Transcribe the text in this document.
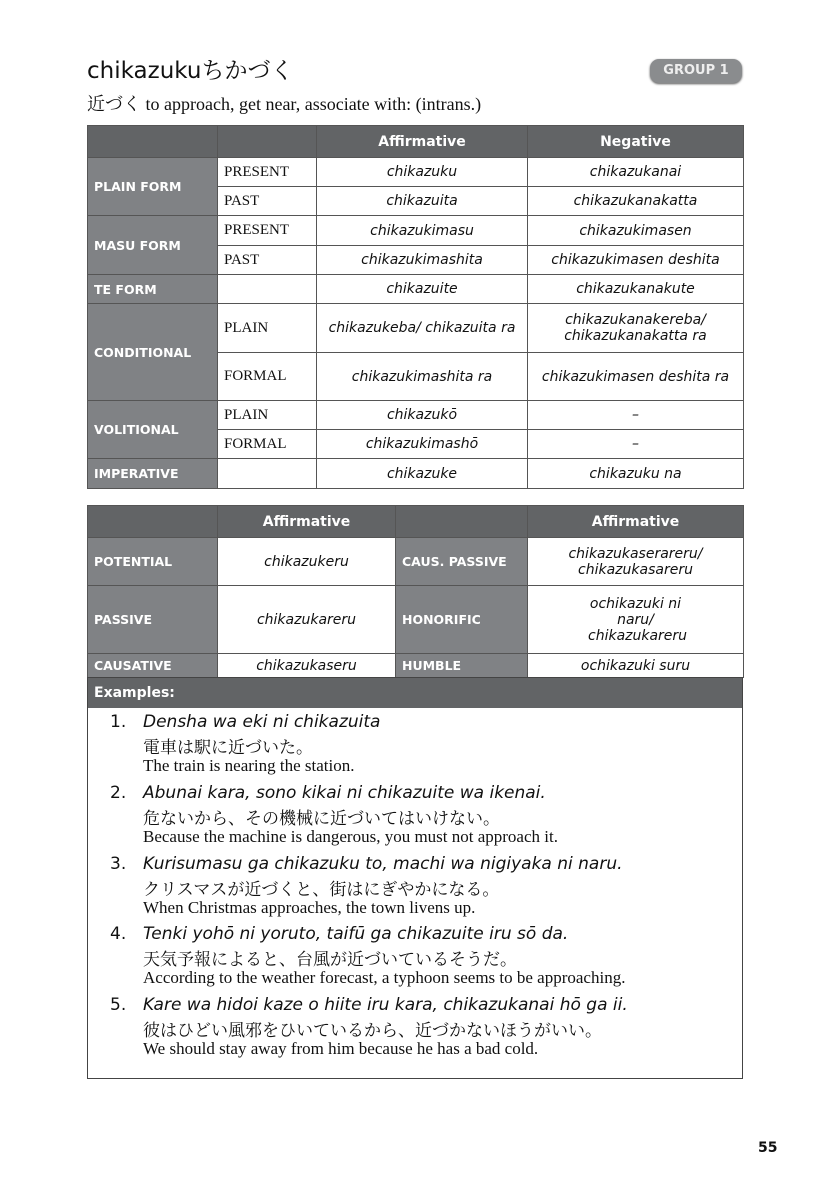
chikazukuちかづく	GROUP 1
近づく to approach, get near, associate with: (intrans.)
		Affirmative	Negative
PLAIN FORM	PRESENT	chikazuku	chikazukanai
	PAST	chikazuita	chikazukanakatta
MASU FORM	PRESENT	chikazukimasu	chikazukimasen
	PAST	chikazukimashita	chikazukimasen deshita
TE FORM		chikazuite	chikazukanakute
CONDITIONAL	PLAIN	chikazukeba/ chikazuita ra	chikazukanakereba/ chikazukanakatta ra
	FORMAL	chikazukimashita ra	chikazukimasen deshita ra
VOLITIONAL	PLAIN	chikazukō	–
	FORMAL	chikazukimashō	–
IMPERATIVE		chikazuke	chikazuku na
	Affirmative		Affirmative
POTENTIAL	chikazukeru	CAUS. PASSIVE	chikazukaserareru/ chikazukasareru
PASSIVE	chikazukareru	HONORIFIC	ochikazuki ni naru/ chikazukareru
CAUSATIVE	chikazukaseru	HUMBLE	ochikazuki suru
Examples:
1. Densha wa eki ni chikazuita
電車は駅に近づいた。
The train is nearing the station.
2. Abunai kara, sono kikai ni chikazuite wa ikenai.
危ないから、その機械に近づいてはいけない。
Because the machine is dangerous, you must not approach it.
3. Kurisumasu ga chikazuku to, machi wa nigiyaka ni naru.
クリスマスが近づくと、街はにぎやかになる。
When Christmas approaches, the town livens up.
4. Tenki yohō ni yoruto, taifū ga chikazuite iru sō da.
天気予報によると、台風が近づいているそうだ。
According to the weather forecast, a typhoon seems to be approaching.
5. Kare wa hidoi kaze o hiite iru kara, chikazukanai hō ga ii.
彼はひどい風邪をひいているから、近づかないほうがいい。
We should stay away from him because he has a bad cold.
55
